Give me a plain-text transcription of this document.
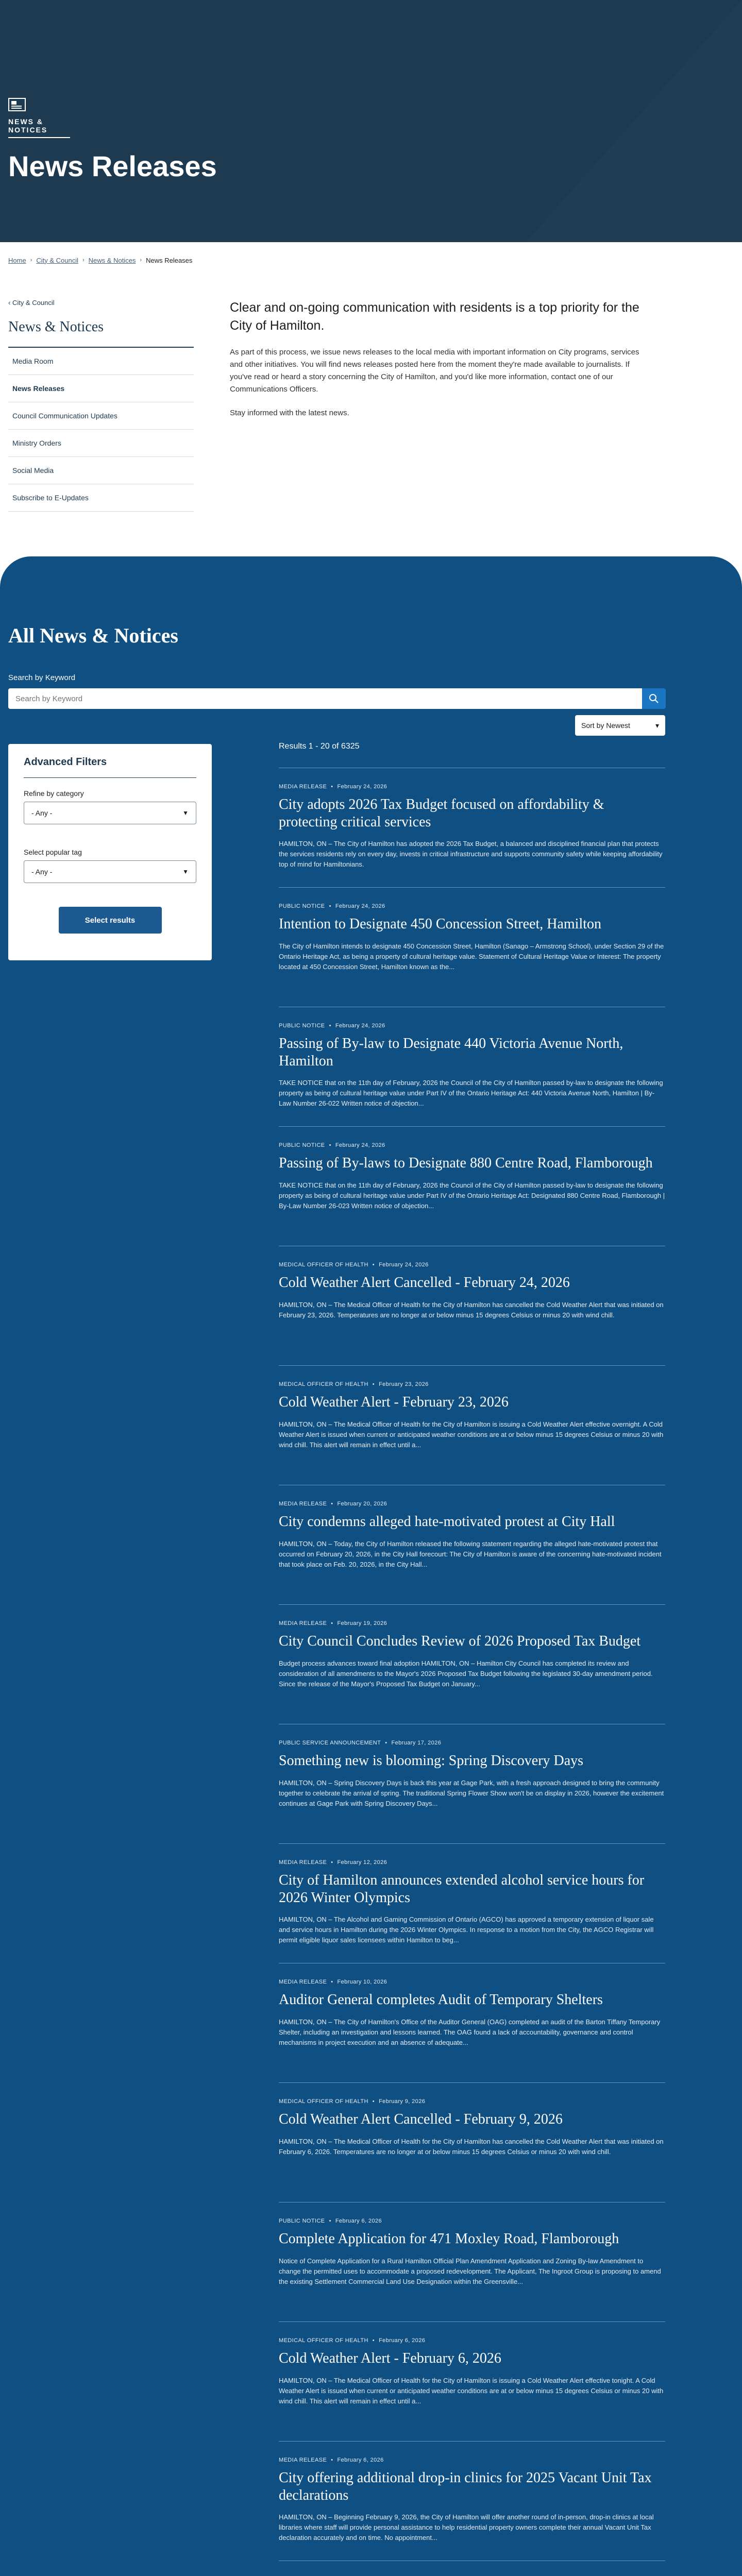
NEWS & NOTICES
News Releases
Home › City & Council › News & Notices › News Releases
‹ City & Council
News & Notices
Media Room
News Releases
Council Communication Updates
Ministry Orders
Social Media
Subscribe to E-Updates

Clear and on-going communication with residents is a top priority for the City of Hamilton.

As part of this process, we issue news releases to the local media with important information on City programs, services and other initiatives. You will find news releases posted here from the moment they're made available to journalists. If you've read or heard a story concerning the City of Hamilton, and you'd like more information, contact one of our Communications Officers.

Stay informed with the latest news.

All News & Notices
Search by Keyword
Search by Keyword
Advanced Filters
Refine by category
- Any -	▼
Select popular tag
- Any -	▼
Select results
Sort by Newest	▾
Results 1 - 20 of 6325
MEDIA RELEASE • February 24, 2026
City adopts 2026 Tax Budget focused on affordability & protecting critical services

HAMILTON, ON – The City of Hamilton has adopted the 2026 Tax Budget, a balanced and disciplined financial plan that protects the services residents rely on every day, invests in critical infrastructure and supports community safety while keeping affordability top of mind for Hamiltonians.

PUBLIC NOTICE • February 24, 2026
Intention to Designate 450 Concession Street, Hamilton

The City of Hamilton intends to designate 450 Concession Street, Hamilton (Sanago – Armstrong School), under Section 29 of the Ontario Heritage Act, as being a property of cultural heritage value. Statement of Cultural Heritage Value or Interest: The property located at 450 Concession Street, Hamilton known as the...

PUBLIC NOTICE • February 24, 2026
Passing of By-law to Designate 440 Victoria Avenue North, Hamilton

TAKE NOTICE that on the 11th day of February, 2026 the Council of the City of Hamilton passed by-law to designate the following property as being of cultural heritage value under Part IV of the Ontario Heritage Act: 440 Victoria Avenue North, Hamilton | By-Law Number 26-022 Written notice of objection...

PUBLIC NOTICE • February 24, 2026
Passing of By-laws to Designate 880 Centre Road, Flamborough

TAKE NOTICE that on the 11th day of February, 2026 the Council of the City of Hamilton passed by-law to designate the following property as being of cultural heritage value under Part IV of the Ontario Heritage Act: Designated 880 Centre Road, Flamborough | By-Law Number 26-023 Written notice of objection...

MEDICAL OFFICER OF HEALTH • February 24, 2026
Cold Weather Alert Cancelled - February 24, 2026

HAMILTON, ON – The Medical Officer of Health for the City of Hamilton has cancelled the Cold Weather Alert that was initiated on February 23, 2026. Temperatures are no longer at or below minus 15 degrees Celsius or minus 20 with wind chill.

MEDICAL OFFICER OF HEALTH • February 23, 2026
Cold Weather Alert - February 23, 2026

HAMILTON, ON – The Medical Officer of Health for the City of Hamilton is issuing a Cold Weather Alert effective overnight. A Cold Weather Alert is issued when current or anticipated weather conditions are at or below minus 15 degrees Celsius or minus 20 with wind chill. This alert will remain in effect until a...

MEDIA RELEASE • February 20, 2026
City condemns alleged hate-motivated protest at City Hall

HAMILTON, ON – Today, the City of Hamilton released the following statement regarding the alleged hate-motivated protest that occurred on February 20, 2026, in the City Hall forecourt: The City of Hamilton is aware of the concerning hate-motivated incident that took place on Feb. 20, 2026, in the City Hall...

MEDIA RELEASE • February 19, 2026
City Council Concludes Review of 2026 Proposed Tax Budget

Budget process advances toward final adoption HAMILTON, ON – Hamilton City Council has completed its review and consideration of all amendments to the Mayor's 2026 Proposed Tax Budget following the legislated 30-day amendment period. Since the release of the Mayor's Proposed Tax Budget on January...

PUBLIC SERVICE ANNOUNCEMENT • February 17, 2026
Something new is blooming: Spring Discovery Days

HAMILTON, ON – Spring Discovery Days is back this year at Gage Park, with a fresh approach designed to bring the community together to celebrate the arrival of spring. The traditional Spring Flower Show won't be on display in 2026, however the excitement continues at Gage Park with Spring Discovery Days...

MEDIA RELEASE • February 12, 2026
City of Hamilton announces extended alcohol service hours for 2026 Winter Olympics

HAMILTON, ON – The Alcohol and Gaming Commission of Ontario (AGCO) has approved a temporary extension of liquor sale and service hours in Hamilton during the 2026 Winter Olympics. In response to a motion from the City, the AGCO Registrar will permit eligible liquor sales licensees within Hamilton to beg...

MEDIA RELEASE • February 10, 2026
Auditor General completes Audit of Temporary Shelters

HAMILTON, ON – The City of Hamilton's Office of the Auditor General (OAG) completed an audit of the Barton Tiffany Temporary Shelter, including an investigation and lessons learned. The OAG found a lack of accountability, governance and control mechanisms in project execution and an absence of adequate...

MEDICAL OFFICER OF HEALTH • February 9, 2026
Cold Weather Alert Cancelled - February 9, 2026

HAMILTON, ON – The Medical Officer of Health for the City of Hamilton has cancelled the Cold Weather Alert that was initiated on February 6, 2026. Temperatures are no longer at or below minus 15 degrees Celsius or minus 20 with wind chill.

PUBLIC NOTICE • February 6, 2026
Complete Application for 471 Moxley Road, Flamborough

Notice of Complete Application for a Rural Hamilton Official Plan Amendment Application and Zoning By-law Amendment to change the permitted uses to accommodate a proposed redevelopment. The Applicant, The Ingroot Group is proposing to amend the existing Settlement Commercial Land Use Designation within the Greensville...

MEDICAL OFFICER OF HEALTH • February 6, 2026
Cold Weather Alert - February 6, 2026

HAMILTON, ON – The Medical Officer of Health for the City of Hamilton is issuing a Cold Weather Alert effective tonight. A Cold Weather Alert is issued when current or anticipated weather conditions are at or below minus 15 degrees Celsius or minus 20 with wind chill. This alert will remain in effect until a...

MEDIA RELEASE • February 6, 2026
City offering additional drop-in clinics for 2025 Vacant Unit Tax declarations

HAMILTON, ON – Beginning February 9, 2026, the City of Hamilton will offer another round of in-person, drop-in clinics at local libraries where staff will provide personal assistance to help residential property owners complete their annual Vacant Unit Tax declaration accurately and on time. No appointment...
